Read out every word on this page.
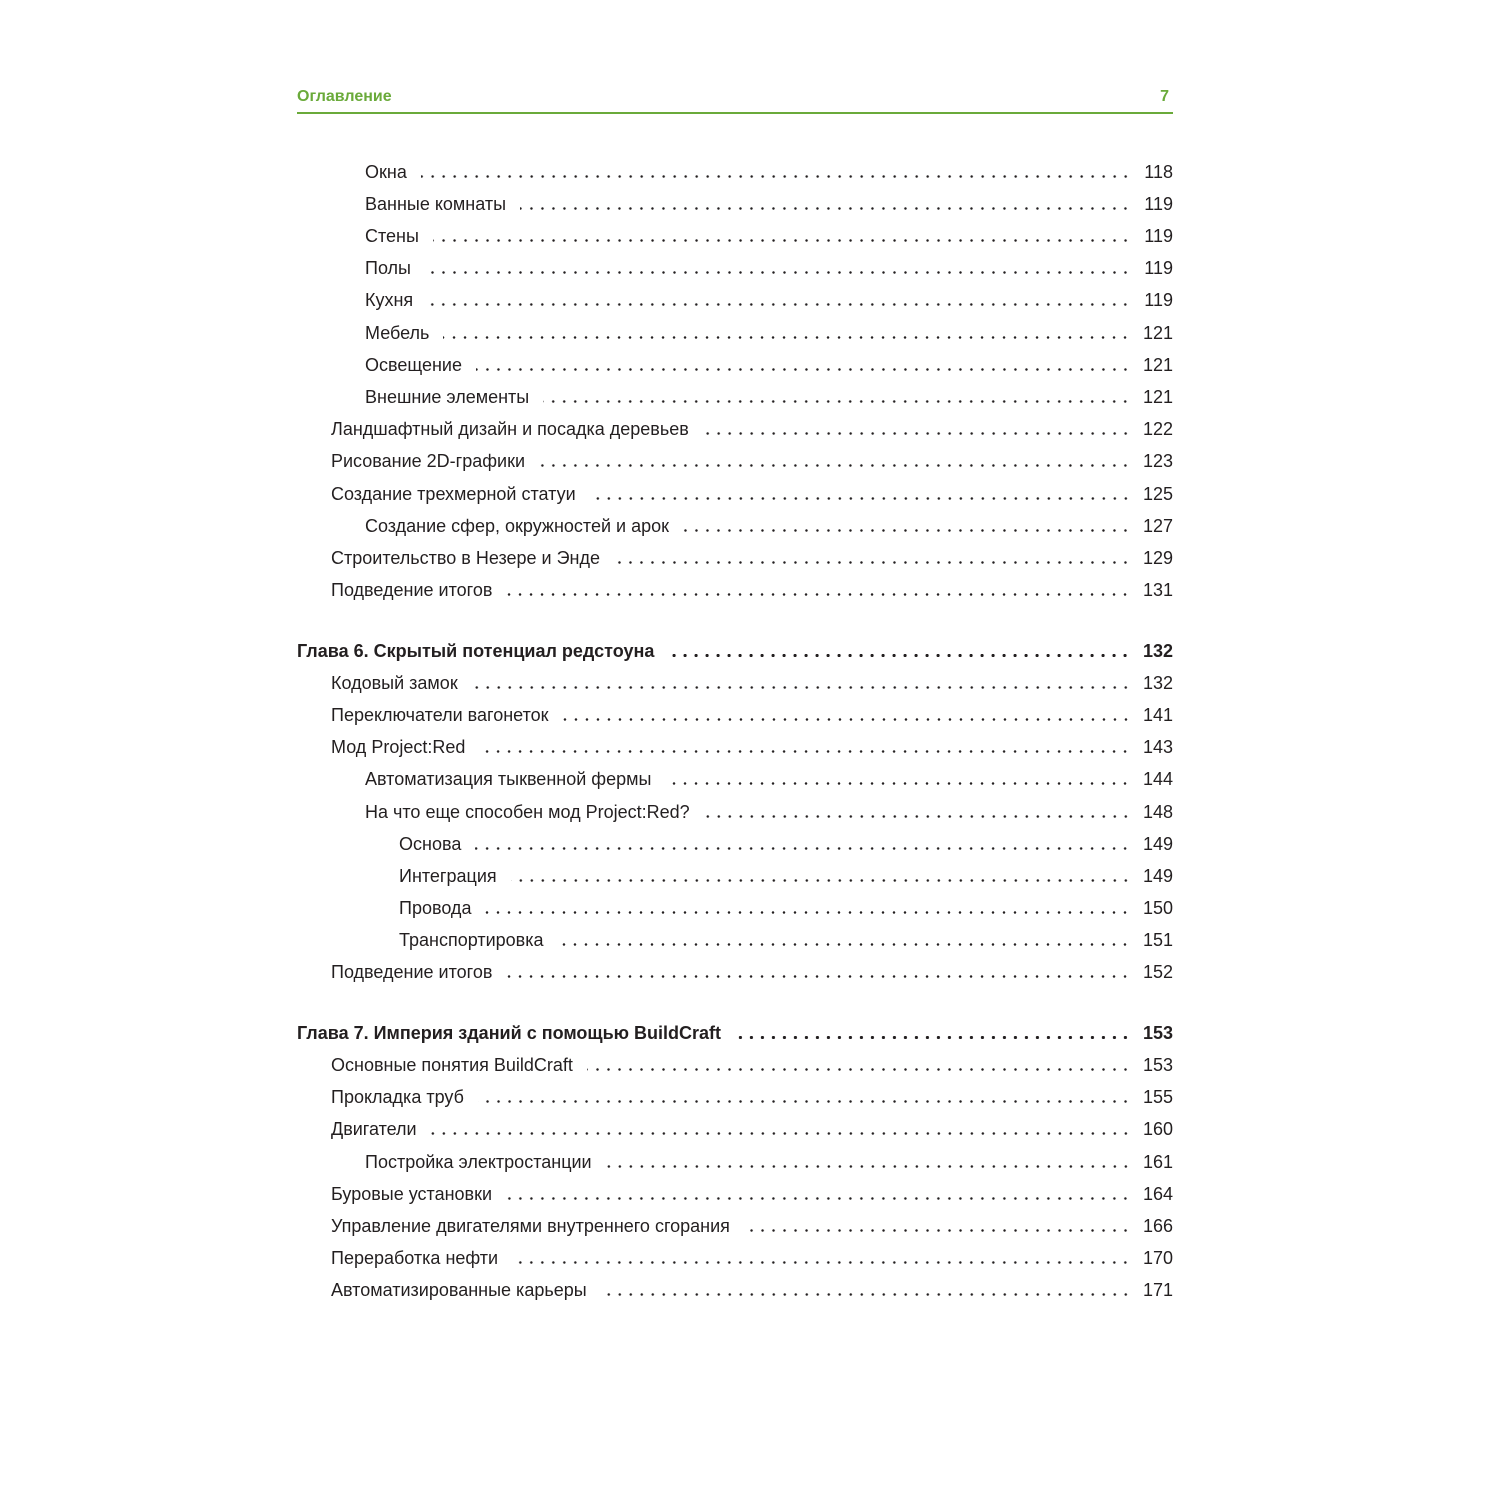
Оглавление	7
Окна	118
Ванные комнаты	119
Стены	119
Полы	119
Кухня	119
Мебель	121
Освещение	121
Внешние элементы	121
Ландшафтный дизайн и посадка деревьев	122
Рисование 2D-графики	123
Создание трехмерной статуи	125
Создание сфер, окружностей и арок	127
Строительство в Незере и Энде	129
Подведение итогов	131
Глава 6. Скрытый потенциал редстоуна	132
Кодовый замок	132
Переключатели вагонеток	141
Мод Project:Red	143
Автоматизация тыквенной фермы	144
На что еще способен мод Project:Red?	148
Основа	149
Интеграция	149
Провода	150
Транспортировка	151
Подведение итогов	152
Глава 7. Империя зданий с помощью BuildCraft	153
Основные понятия BuildCraft	153
Прокладка труб	155
Двигатели	160
Постройка электростанции	161
Буровые установки	164
Управление двигателями внутреннего сгорания	166
Переработка нефти	170
Автоматизированные карьеры	171
